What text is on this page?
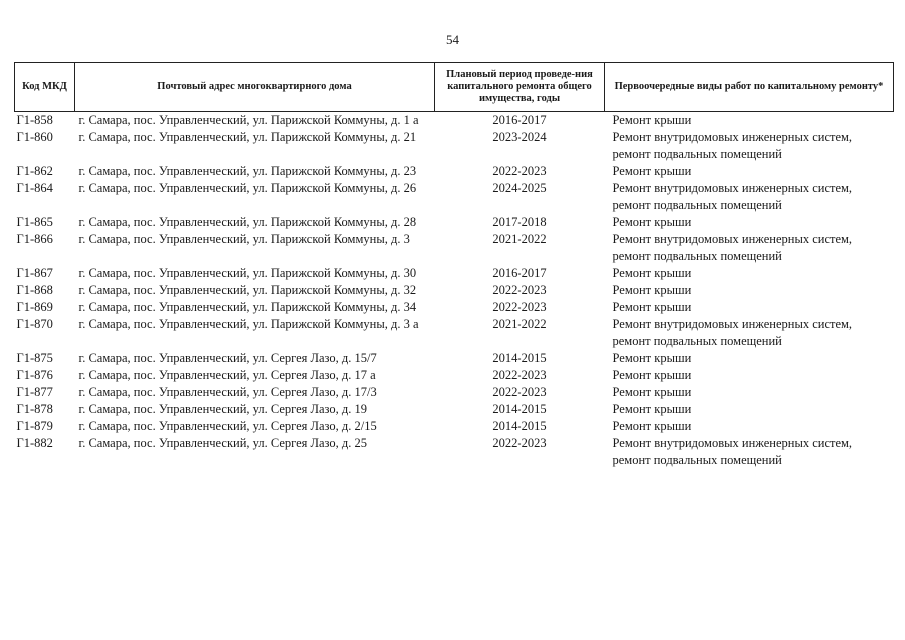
54
Код МКД	Почтовый адрес многоквартирного дома	Плановый период проведе-ния капитального ремонта общего имущества, годы	Первоочередные виды работ по капитальному ремонту*
Г1-858	г. Самара, пос. Управленческий, ул. Парижской Коммуны, д. 1 а	2016-2017	Ремонт крыши
Г1-860	г. Самара, пос. Управленческий, ул. Парижской Коммуны, д. 21	2023-2024	Ремонт внутридомовых инженерных систем, ремонт подвальных помещений
Г1-862	г. Самара, пос. Управленческий, ул. Парижской Коммуны, д. 23	2022-2023	Ремонт крыши
Г1-864	г. Самара, пос. Управленческий, ул. Парижской Коммуны, д. 26	2024-2025	Ремонт внутридомовых инженерных систем, ремонт подвальных помещений
Г1-865	г. Самара, пос. Управленческий, ул. Парижской Коммуны, д. 28	2017-2018	Ремонт крыши
Г1-866	г. Самара, пос. Управленческий, ул. Парижской Коммуны, д. 3	2021-2022	Ремонт внутридомовых инженерных систем, ремонт подвальных помещений
Г1-867	г. Самара, пос. Управленческий, ул. Парижской Коммуны, д. 30	2016-2017	Ремонт крыши
Г1-868	г. Самара, пос. Управленческий, ул. Парижской Коммуны, д. 32	2022-2023	Ремонт крыши
Г1-869	г. Самара, пос. Управленческий, ул. Парижской Коммуны, д. 34	2022-2023	Ремонт крыши
Г1-870	г. Самара, пос. Управленческий, ул. Парижской Коммуны, д. 3 а	2021-2022	Ремонт внутридомовых инженерных систем, ремонт подвальных помещений
Г1-875	г. Самара, пос. Управленческий, ул. Сергея Лазо, д. 15/7	2014-2015	Ремонт крыши
Г1-876	г. Самара, пос. Управленческий, ул. Сергея Лазо, д. 17 а	2022-2023	Ремонт крыши
Г1-877	г. Самара, пос. Управленческий, ул. Сергея Лазо, д. 17/3	2022-2023	Ремонт крыши
Г1-878	г. Самара, пос. Управленческий, ул. Сергея Лазо, д. 19	2014-2015	Ремонт крыши
Г1-879	г. Самара, пос. Управленческий, ул. Сергея Лазо, д. 2/15	2014-2015	Ремонт крыши
Г1-882	г. Самара, пос. Управленческий, ул. Сергея Лазо, д. 25	2022-2023	Ремонт внутридомовых инженерных систем, ремонт подвальных помещений
